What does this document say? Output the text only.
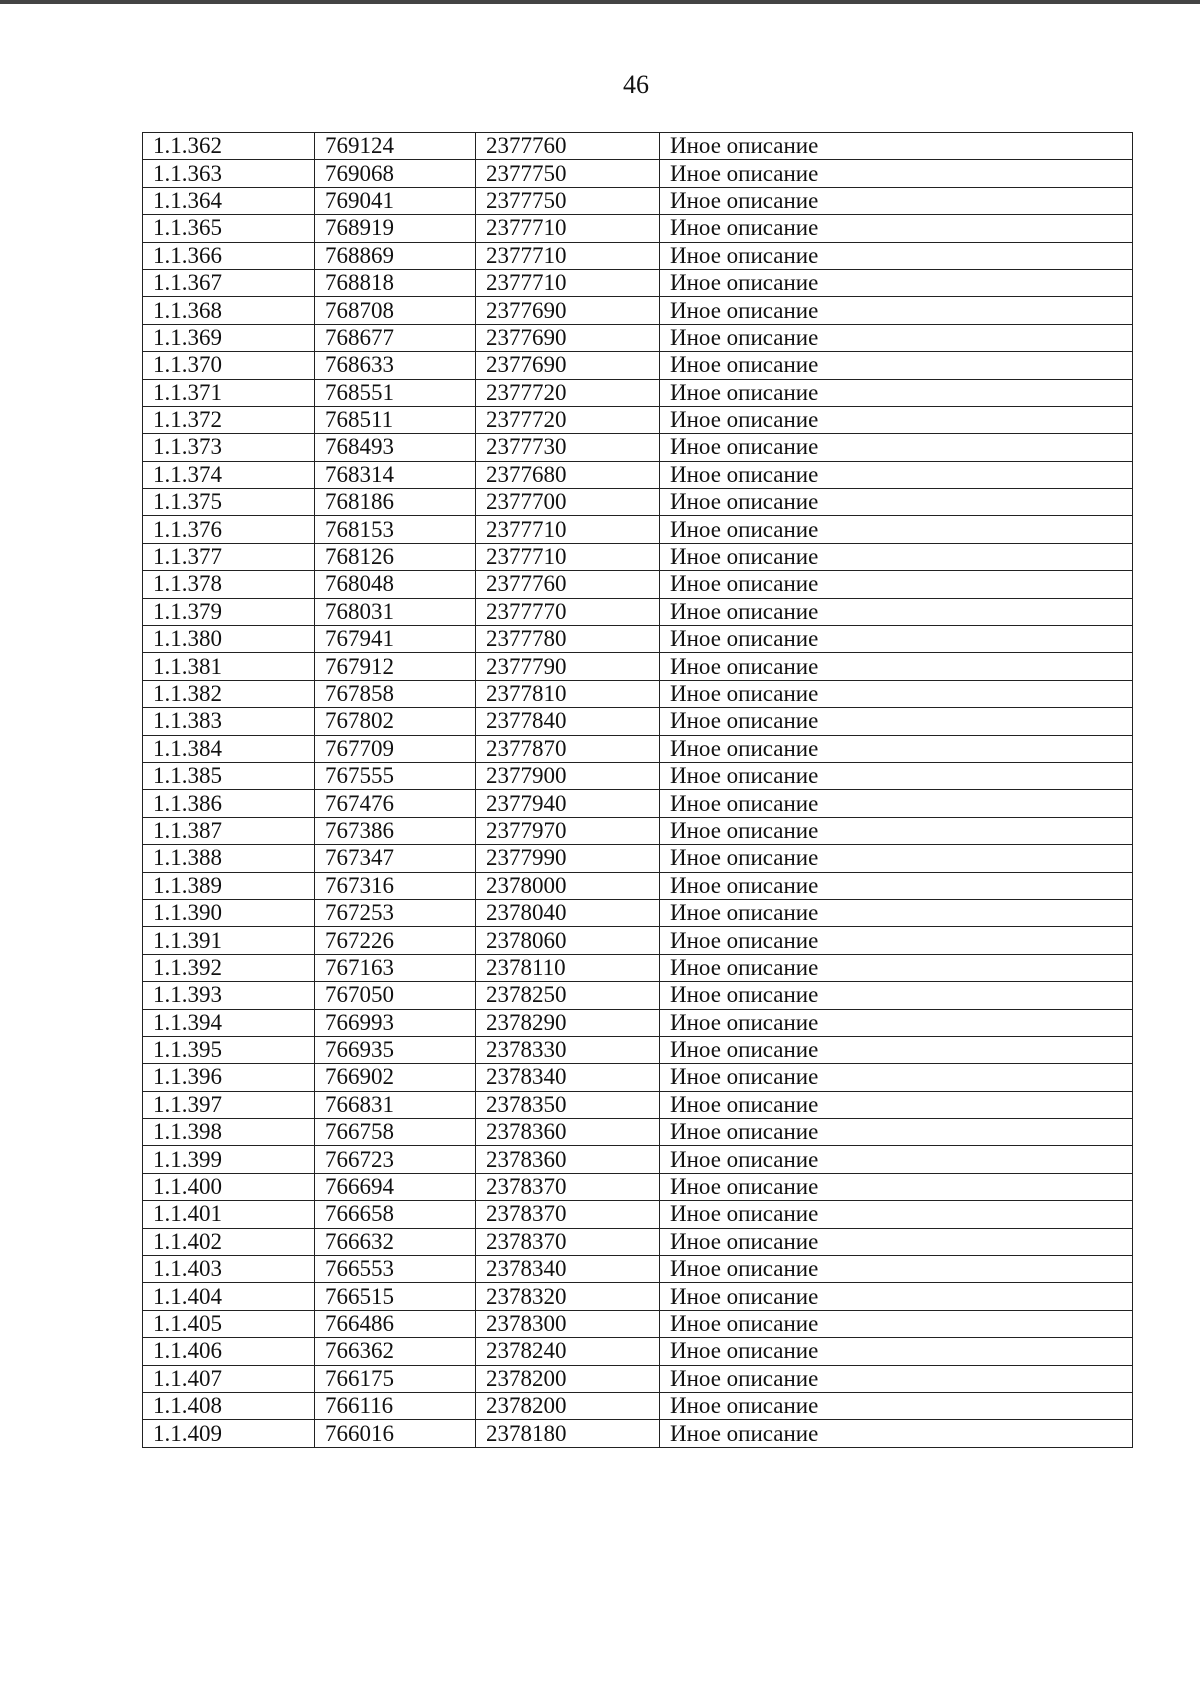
46
1.1.362	769124	2377760	Иное описание
1.1.363	769068	2377750	Иное описание
1.1.364	769041	2377750	Иное описание
1.1.365	768919	2377710	Иное описание
1.1.366	768869	2377710	Иное описание
1.1.367	768818	2377710	Иное описание
1.1.368	768708	2377690	Иное описание
1.1.369	768677	2377690	Иное описание
1.1.370	768633	2377690	Иное описание
1.1.371	768551	2377720	Иное описание
1.1.372	768511	2377720	Иное описание
1.1.373	768493	2377730	Иное описание
1.1.374	768314	2377680	Иное описание
1.1.375	768186	2377700	Иное описание
1.1.376	768153	2377710	Иное описание
1.1.377	768126	2377710	Иное описание
1.1.378	768048	2377760	Иное описание
1.1.379	768031	2377770	Иное описание
1.1.380	767941	2377780	Иное описание
1.1.381	767912	2377790	Иное описание
1.1.382	767858	2377810	Иное описание
1.1.383	767802	2377840	Иное описание
1.1.384	767709	2377870	Иное описание
1.1.385	767555	2377900	Иное описание
1.1.386	767476	2377940	Иное описание
1.1.387	767386	2377970	Иное описание
1.1.388	767347	2377990	Иное описание
1.1.389	767316	2378000	Иное описание
1.1.390	767253	2378040	Иное описание
1.1.391	767226	2378060	Иное описание
1.1.392	767163	2378110	Иное описание
1.1.393	767050	2378250	Иное описание
1.1.394	766993	2378290	Иное описание
1.1.395	766935	2378330	Иное описание
1.1.396	766902	2378340	Иное описание
1.1.397	766831	2378350	Иное описание
1.1.398	766758	2378360	Иное описание
1.1.399	766723	2378360	Иное описание
1.1.400	766694	2378370	Иное описание
1.1.401	766658	2378370	Иное описание
1.1.402	766632	2378370	Иное описание
1.1.403	766553	2378340	Иное описание
1.1.404	766515	2378320	Иное описание
1.1.405	766486	2378300	Иное описание
1.1.406	766362	2378240	Иное описание
1.1.407	766175	2378200	Иное описание
1.1.408	766116	2378200	Иное описание
1.1.409	766016	2378180	Иное описание
